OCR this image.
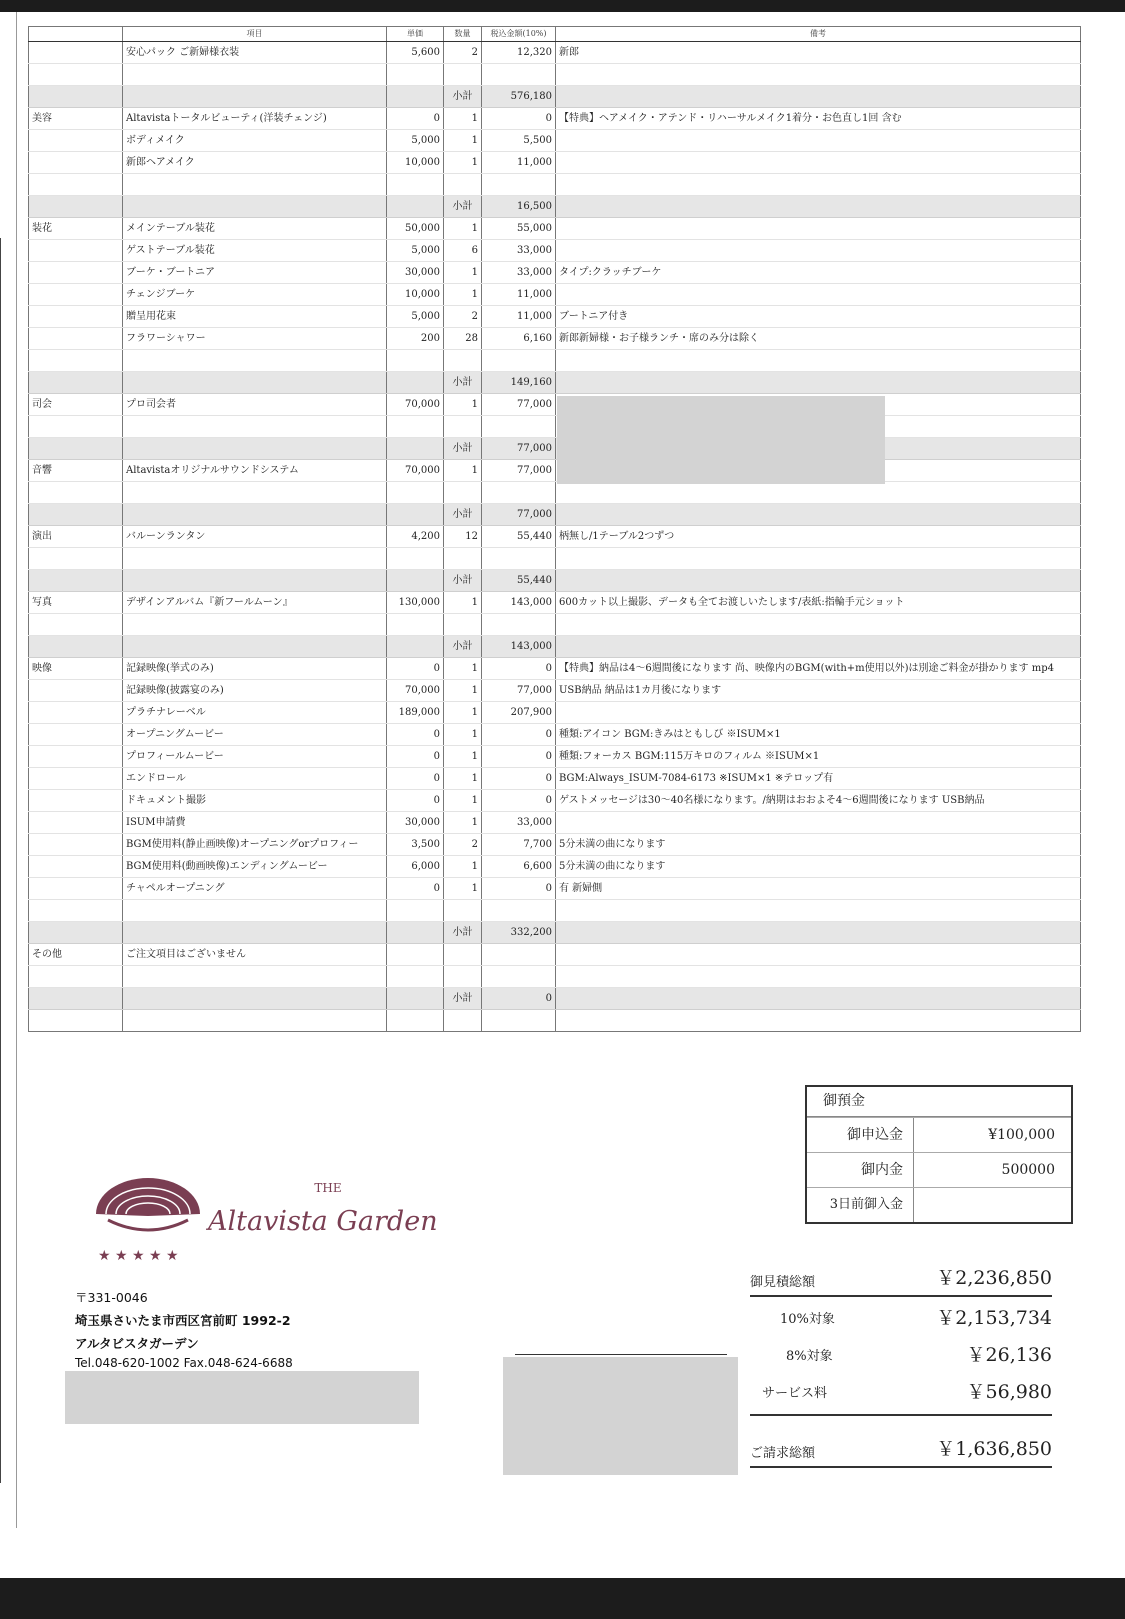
	項目	単価	数量	税込金額(10%)	備考
	安心パック ご新婦様衣装	5,600	2	12,320	新郎

			小計	576,180	
美容	Altavistaトータルビューティ(洋装チェンジ)	0	1	0	【特典】ヘアメイク・アテンド・リハーサルメイク1着分・お色直し1回 含む
	ボディメイク	5,000	1	5,500	
	新郎ヘアメイク	10,000	1	11,000	

			小計	16,500	
装花	メインテーブル装花	50,000	1	55,000	
	ゲストテーブル装花	5,000	6	33,000	
	ブーケ・ブートニア	30,000	1	33,000	タイプ:クラッチブーケ
	チェンジブーケ	10,000	1	11,000	
	贈呈用花束	5,000	2	11,000	ブートニア付き
	フラワーシャワー	200	28	6,160	新郎新婦様・お子様ランチ・席のみ分は除く

			小計	149,160	
司会	プロ司会者	70,000	1	77,000	

			小計	77,000	
音響	Altavistaオリジナルサウンドシステム	70,000	1	77,000	

			小計	77,000	
演出	バルーンランタン	4,200	12	55,440	柄無し/1テーブル2つずつ

			小計	55,440	
写真	デザインアルバム『新フールムーン』	130,000	1	143,000	600カット以上撮影、データも全てお渡しいたします/表紙:指輪手元ショット

			小計	143,000	
映像	記録映像(挙式のみ)	0	1	0	【特典】納品は4～6週間後になります 尚、映像内のBGM(with+m使用以外)は別途ご料金が掛かります mp4
	記録映像(披露宴のみ)	70,000	1	77,000	USB納品 納品は1カ月後になります
	プラチナレーベル	189,000	1	207,900	
	オープニングムービー	0	1	0	種類:アイコン BGM:きみはともしび ※ISUM×1
	プロフィールムービー	0	1	0	種類:フォーカス BGM:115万キロのフィルム ※ISUM×1
	エンドロール	0	1	0	BGM:Always_ISUM-7084-6173 ※ISUM×1 ※テロップ有
	ドキュメント撮影	0	1	0	ゲストメッセージは30～40名様になります。/納期はおおよそ4～6週間後になります USB納品
	ISUM申請費	30,000	1	33,000	
	BGM使用料(静止画映像)オープニングorプロフィー	3,500	2	7,700	5分未満の曲になります
	BGM使用料(動画映像)エンディングムービー	6,000	1	6,600	5分未満の曲になります
	チャペルオープニング	0	1	0	有 新婦側

			小計	332,200	
その他	ご注文項目はございません				

			小計	0	

御預金
御申込金	¥100,000
御内金	500000
3日前御入金
★ ★ ★ ★ ★
THE
Altavista Garden
〒331-0046
埼玉県さいたま市西区宮前町 1992-2
アルタビスタガーデン
Tel.048-620-1002 Fax.048-624-6688
御見積総額	￥2,236,850
10%対象	￥2,153,734
8%対象	￥26,136
サービス料	￥56,980
ご請求総額	￥1,636,850
